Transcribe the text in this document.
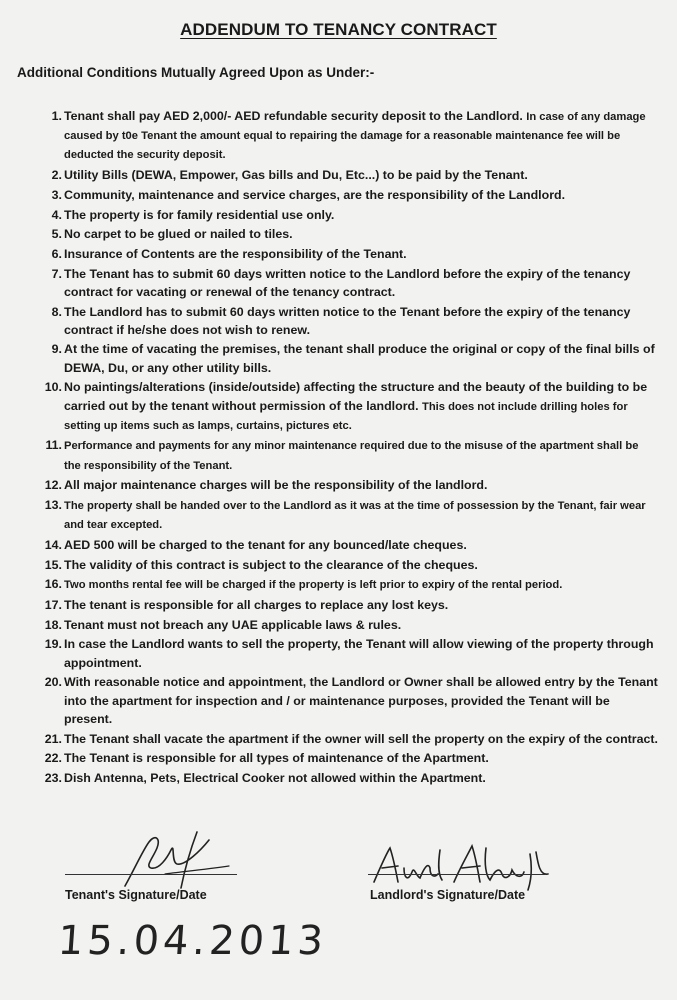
ADDENDUM TO TENANCY CONTRACT
Additional Conditions Mutually Agreed Upon as Under:-
1. Tenant shall pay AED 2,000/- AED refundable security deposit to the Landlord. In case of any damage caused by t0e Tenant the amount equal to repairing the damage for a reasonable maintenance fee will be deducted the security deposit.
2. Utility Bills (DEWA, Empower, Gas bills and Du, Etc...) to be paid by the Tenant.
3. Community, maintenance and service charges, are the responsibility of the Landlord.
4. The property is for family residential use only.
5. No carpet to be glued or nailed to tiles.
6. Insurance of Contents are the responsibility of the Tenant.
7. The Tenant has to submit 60 days written notice to the Landlord before the expiry of the tenancy contract for vacating or renewal of the tenancy contract.
8. The Landlord has to submit 60 days written notice to the Tenant before the expiry of the tenancy contract if he/she does not wish to renew.
9. At the time of vacating the premises, the tenant shall produce the original or copy of the final bills of DEWA, Du, or any other utility bills.
10. No paintings/alterations (inside/outside) affecting the structure and the beauty of the building to be carried out by the tenant without permission of the landlord. This does not include drilling holes for setting up items such as lamps, curtains, pictures etc.
11. Performance and payments for any minor maintenance required due to the misuse of the apartment shall be the responsibility of the Tenant.
12. All major maintenance charges will be the responsibility of the landlord.
13. The property shall be handed over to the Landlord as it was at the time of possession by the Tenant, fair wear and tear excepted.
14. AED 500 will be charged to the tenant for any bounced/late cheques.
15. The validity of this contract is subject to the clearance of the cheques.
16. Two months rental fee will be charged if the property is left prior to expiry of the rental period.
17. The tenant is responsible for all charges to replace any lost keys.
18. Tenant must not breach any UAE applicable laws & rules.
19. In case the Landlord wants to sell the property, the Tenant will allow viewing of the property through appointment.
20. With reasonable notice and appointment, the Landlord or Owner shall be allowed entry by the Tenant into the apartment for inspection and / or maintenance purposes, provided the Tenant will be present.
21. The Tenant shall vacate the apartment if the owner will sell the property on the expiry of the contract.
22. The Tenant is responsible for all types of maintenance of the Apartment.
23. Dish Antenna, Pets, Electrical Cooker not allowed within the Apartment.
Tenant's Signature/Date	Landlord's Signature/Date
15.04.2013
